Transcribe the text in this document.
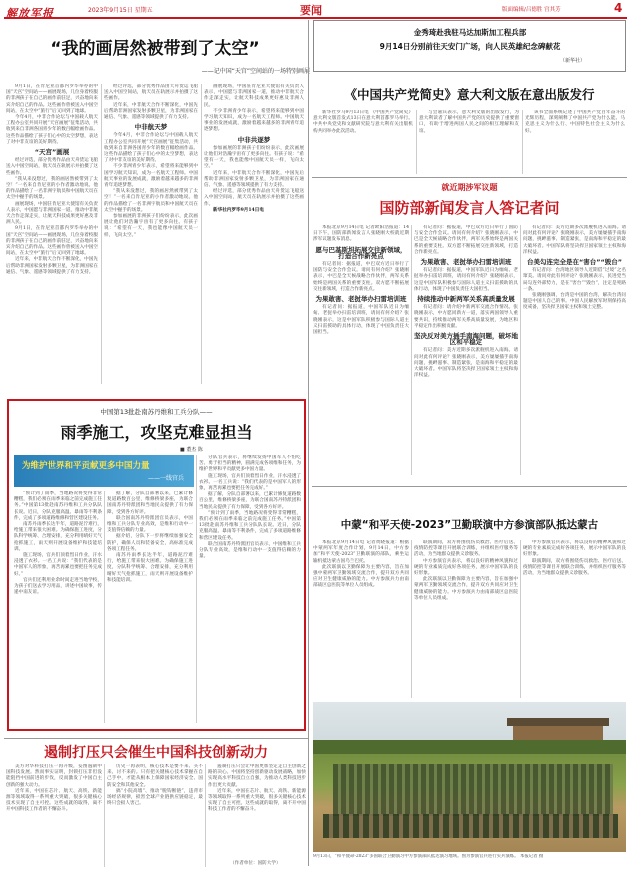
解放军报	2023年9月15日 星期五	要闻	版面编辑/吕德胜 宫其芳	4
“我的画居然被带到了太空”
——记中国“天宫”空间站的一场特别画展

9月1日，在肯尼亚首都内罗毕举办的中国“天宫”空间站——画展现场，几位身着校服的非洲孩子在自己的画作前驻足，兴奋地向来宾介绍自己的作品。这些画作曾被送入中国空间站，在太空中“旅行”后又回到了地球。

今年4月，中非合作论坛与中国载人航天工程办公室共同开展“天宫画展”征集活动，共收到来自非洲各国青少年的数百幅绘画作品。这些作品描绘了孩子们心中的太空梦想，表达了对中非友谊的美好期待。

“天宫”画展

经过评选，部分优秀作品由天舟货运飞船送入中国空间站，航天员在轨展示并拍摄了这些画作。

“我从来没想过，我的画居然被带到了太空！”一名来自肯尼亚的小作者激动地说。他的作品描绘了一名非洲宇航员和中国航天员在太空中握手的场景。

画展现场，中国驻肯尼亚大使馆有关负责人表示，中国愿与非洲国家一道，推动中非航天合作走深走实，让航天科技成果更好惠及非洲人民。

9月1日，在肯尼亚首都内罗毕举办的中国“天宫”空间站——画展现场，几位身着校服的非洲孩子在自己的画作前驻足，兴奋地向来宾介绍自己的作品。这些画作曾被送入中国空间站，在太空中“旅行”后又回到了地球。

近年来，中非航天合作不断深化，中国先后帮助非洲国家发射多颗卫星，为非洲国家在通信、气象、遥感等领域提供了有力支持。

经过评选，部分优秀作品由天舟货运飞船送入中国空间站，航天员在轨展示并拍摄了这些画作。

近年来，中非航天合作不断深化，中国先后帮助非洲国家发射多颗卫星，为非洲国家在通信、气象、遥感等领域提供了有力支持。

中非航天梦

今年4月，中非合作论坛与中国载人航天工程办公室共同开展“天宫画展”征集活动，共收到来自非洲各国青少年的数百幅绘画作品。这些作品描绘了孩子们心中的太空梦想，表达了对中非友谊的美好期待。

不少非洲青少年表示，希望将来能够到中国学习航天知识，成为一名航天工程师。中国航天事业的发展成就，激励着越来越多的非洲青年追逐梦想。

“我从来没想过，我的画居然被带到了太空！”一名来自肯尼亚的小作者激动地说。他的作品描绘了一名非洲宇航员和中国航天员在太空中握手的场景。

参加画展的非洲孩子们纷纷表示，此次画展让他们对浩瀚宇宙有了更多向往。有孩子说：“希望有一天，我也能像中国航天员一样，飞向太空。”

画展现场，中国驻肯尼亚大使馆有关负责人表示，中国愿与非洲国家一道，推动中非航天合作走深走实，让航天科技成果更好惠及非洲人民。

不少非洲青少年表示，希望将来能够到中国学习航天知识，成为一名航天工程师。中国航天事业的发展成就，激励着越来越多的非洲青年追逐梦想。

中非共逐梦

参加画展的非洲孩子们纷纷表示，此次画展让他们对浩瀚宇宙有了更多向往。有孩子说：“希望有一天，我也能像中国航天员一样，飞向太空。”

近年来，中非航天合作不断深化，中国先后帮助非洲国家发射多颗卫星，为非洲国家在通信、气象、遥感等领域提供了有力支持。

经过评选，部分优秀作品由天舟货运飞船送入中国空间站，航天员在轨展示并拍摄了这些画作。

新华社内罗毕9月14日电

中国第13批赴南苏丹维和工兵分队——
雨季施工，攻坚克难显担当
■ 董杰 陈
为维护世界和平贡献更多中国力量
——一线官兵

“预计到了雨季，当地路况将变得非常糟糕，我们必须在雨季来临之前完成施工任务。”中国第13批赴南苏丹维和工兵分队队长说。近日，分队克服高温、暴雨等不利条件，完成了多项道路维修和营区建设任务。

南苏丹雨季长达半年，道路泥泞难行，给施工带来很大困难。为确保施工进度，分队科学统筹、合理安排，充分利用晴好天气抢抓施工，雨天则开展设备维护和技能培训。

施工现场，官兵们顶着烈日作业，汗水浸透了衣衫。一名工兵说：“我们代表的是中国军人的形象，再苦再累也要把任务完成好。”

官兵们还利用业余时间走进当地学校，为孩子们送去学习用品，讲述中国故事，传递中南友谊。

据了解，分队自部署以来，已累计修复道路数百公里，维修桥梁多座，为联合国南苏丹特派团和当地民众提供了有力保障，受到各方好评。

联合国南苏丹特派团官员表示，中国维和工兵分队专业高效，是维和行动中一支值得信赖的力量。

据介绍，分队下一步将继续加强安全防护，确保人员和装备安全，高标准完成各项工程任务。

南苏丹雨季长达半年，道路泥泞难行，给施工带来很大困难。为确保施工进度，分队科学统筹、合理安排，充分利用晴好天气抢抓施工，雨天则开展设备维护和技能培训。

分队官兵表示，将继续发扬中国军人不怕吃苦、勇于担当的精神，圆满完成各项维和任务，为维护世界和平贡献更多中国力量。

施工现场，官兵们顶着烈日作业，汗水浸透了衣衫。一名工兵说：“我们代表的是中国军人的形象，再苦再累也要把任务完成好。”

据了解，分队自部署以来，已累计修复道路数百公里，维修桥梁多座，为联合国南苏丹特派团和当地民众提供了有力保障，受到各方好评。

“预计到了雨季，当地路况将变得非常糟糕，我们必须在雨季来临之前完成施工任务。”中国第13批赴南苏丹维和工兵分队队长说。近日，分队克服高温、暴雨等不利条件，完成了多项道路维修和营区建设任务。

联合国南苏丹特派团官员表示，中国维和工兵分队专业高效，是维和行动中一支值得信赖的力量。

遏制打压只会催生中国科技创新动力

美方对华科技打压一再升级，妄图遏制中国科技发展。然而事实证明，封锁打压非但没能阻挡中国前进的步伐，反而激发了中国自主创新的强大动力。

近年来，中国在芯片、航天、高铁、新能源等领域取得一系列重大突破，很多关键核心技术实现了自主可控。这些成就的取得，离不开中国科技工作者的不懈奋斗。

历史一再表明，核心技术是要不来、买不来、讨不来的。只有把关键核心技术掌握在自己手中，才能从根本上保障国家经济安全、国防安全和其他安全。

搞“小院高墙”、推动“脱钩断链”，违背市场经济规律，损害全球产业链供应链稳定，最终只会损人害己。

遏制打压只会让中国更加坚定走自主创新之路的决心。中国将坚持创新驱动发展战略，加快实现高水平科技自立自强，为推动人类科技进步作出更大贡献。

近年来，中国在芯片、航天、高铁、新能源等领域取得一系列重大突破，很多关键核心技术实现了自主可控。这些成就的取得，离不开中国科技工作者的不懈奋斗。

（作者单位：国防大学）
金秀琦赴我驻马达加斯加工程兵部
9月14日分别前往天安门广场，向人民英雄纪念碑献花
（新华社）
《中国共产党简史》意大利文版在意出版发行

新华社罗马9月13日电 《中国共产党简史》意大利文版首发式13日在意大利首都罗马举行。中共中央党史和文献研究院与意大利有关出版机构共同举办此次活动。

与会嘉宾表示，意大利文版的出版发行，为意大利读者了解中国共产党的历史提供了重要窗口，有助于增进两国人民之间的相互理解和友谊。

该书全面系统记述了中国共产党百年奋斗的光辉历程，深刻阐释了中国共产党为什么能、马克思主义为什么行、中国特色社会主义为什么好。

就近期涉军议题
国防部新闻发言人答记者问

本报北京9月14日电 记者欧阳浩报道：14日下午，国防部新闻发言人张晓刚大校就近期涉军议题发布消息。

愿与巴基斯坦拓展交往新领域，打造合作新亮点

有记者问：据报道，中巴双方近日举行了国防与安全合作会议。请问有何介绍？张晓刚表示，中巴是全天候战略合作伙伴，两军关系始终是两国关系的重要支柱。双方愿不断拓展交往新领域，打造合作新亮点。

为果敢害、老挝举办扫雷培训班

有记者问：据报道，中国军队近日为缅甸、老挝举办扫雷培训班，请问有何介绍？张晓刚表示，这是中国军队积极参与国际人道主义扫雷援助的具体行动，体现了中国负责任大国担当。

有记者问：据报道，中巴双方近日举行了国防与安全合作会议。请问有何介绍？张晓刚表示，中巴是全天候战略合作伙伴，两军关系始终是两国关系的重要支柱。双方愿不断拓展交往新领域，打造合作新亮点。

为果敢害、老挝举办扫雷培训班

有记者问：据报道，中国军队近日为缅甸、老挝举办扫雷培训班，请问有何介绍？张晓刚表示，这是中国军队积极参与国际人道主义扫雷援助的具体行动，体现了中国负责任大国担当。

持续推动中新两军关系高质量发展

有记者问：请介绍中新两军交流合作情况。张晓刚表示，中方愿同新方一道，落实两国领导人重要共识，持续推动两军关系高质量发展，为地区和平稳定作出积极贡献。

坚决反对美方插手南海问题，破坏地区和平稳定

有记者问：美方近期多次派舰机进入南海。请问对此有何评论？张晓刚表示，美方屡屡插手南海问题，挑衅滋事、制造紧张，是南海和平稳定的最大破坏者。中国军队将坚决捍卫国家领土主权和海洋权益。

有记者问：美方近期多次派舰机进入南海。请问对此有何评论？张晓刚表示，美方屡屡插手南海问题，挑衅滋事、制造紧张，是南海和平稳定的最大破坏者。中国军队将坚决捍卫国家领土主权和海洋权益。

台美勾连完全是在“害台”“毁台”

有记者问：台湾地区领导人近期借“过境”之名窜美。请问对此有何评论？张晓刚表示，民进党当局勾连外部势力，是在“害台”“毁台”，注定是死路一条。

张晓刚强调，台湾是中国的台湾，解决台湾问题是中国人自己的事。中国人民解放军时刻保持高度戒备，坚决捍卫国家主权和领土完整。

中蒙“和平天使-2023”卫勤联演中方参演部队抵达蒙古

本报北京9月14日电 记者黄晓报道：根据中蒙两军年度合作计划，9月14日，中方参加“和平天使-2023”卫勤联演的部队，乘坐运输机抵达蒙古国乌兰巴托。

此次联演以卫勤保障为主要内容，旨在加强中蒙两军卫勤领域交流合作，提升双方共同应对卫生健康威胁的能力。中方参演兵力由南部战区总医院等单位人员组成。

联演期间，双方将围绕伤员救治、医疗后送、疫情防控等课目开展联合训练，并组织医疗服务等活动，为当地群众提供义诊服务。

中方参演官兵表示，将以良好的精神风貌和过硬的专业素质完成好各项任务，展示中国军队的良好形象。

此次联演以卫勤保障为主要内容，旨在加强中蒙两军卫勤领域交流合作，提升双方共同应对卫生健康威胁的能力。中方参演兵力由南部战区总医院等单位人员组成。

中方参演官兵表示，将以良好的精神风貌和过硬的专业素质完成好各项任务，展示中国军队的良好形象。

联演期间，双方将围绕伤员救治、医疗后送、疫情防控等课目开展联合训练，并组织医疗服务等活动，为当地群众提供义诊服务。

9月13日，“和平使命-2023”多国联合卫勤演习中方参演部队抵达演习地域。图为参演官兵进行实兵演练。 本报记者 摄
